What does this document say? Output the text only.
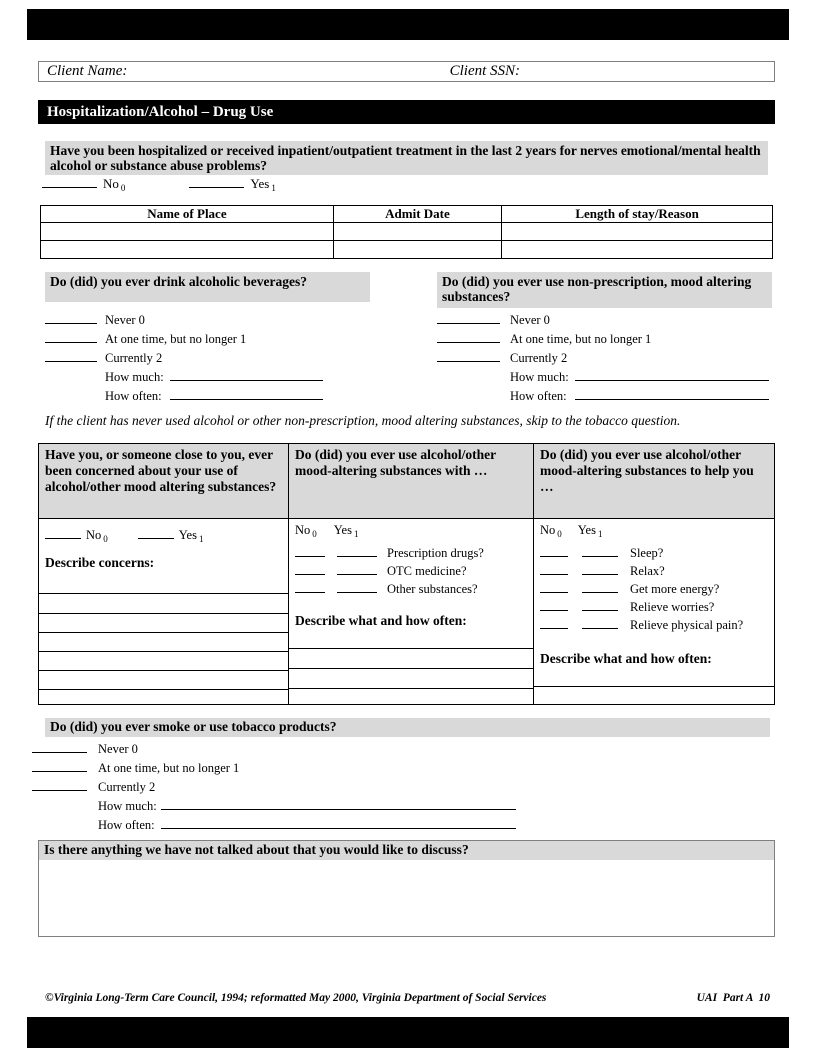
Client Name:	Client SSN:
Hospitalization/Alcohol – Drug Use
Have you been hospitalized or received inpatient/outpatient treatment in the last 2 years for nerves emotional/mental health alcohol or substance abuse problems?
No $_0$	Yes $_1$
Name of Place	Admit Date	Length of stay/Reason

Do (did) you ever drink alcoholic beverages?
Never 0
At one time, but no longer 1
Currently 2
How much:
How often:
Do (did) you ever use non-prescription, mood altering substances?
Never 0
At one time, but no longer 1
Currently 2
How much:
How often:
If the client has never used alcohol or other non-prescription, mood altering substances, skip to the tobacco question.
Have you, or someone close to you, ever been concerned about your use of alcohol/other mood altering substances?
No $_0$	Yes $_1$
Describe concerns:
Do (did) you ever use alcohol/other mood-altering substances with …
No $_0$ Yes $_1$
Prescription drugs?
OTC medicine?
Other substances?
Describe what and how often:
Do (did) you ever use alcohol/other mood-altering substances to help you …
No $_0$ Yes $_1$
Sleep?
Relax?
Get more energy?
Relieve worries?
Relieve physical pain?
Describe what and how often:
Do (did) you ever smoke or use tobacco products?
Never 0
At one time, but no longer 1
Currently 2
How much:
How often:
Is there anything we have not talked about that you would like to discuss?
©Virginia Long-Term Care Council, 1994; reformatted May 2000, Virginia Department of Social Services	UAI  Part A  10
